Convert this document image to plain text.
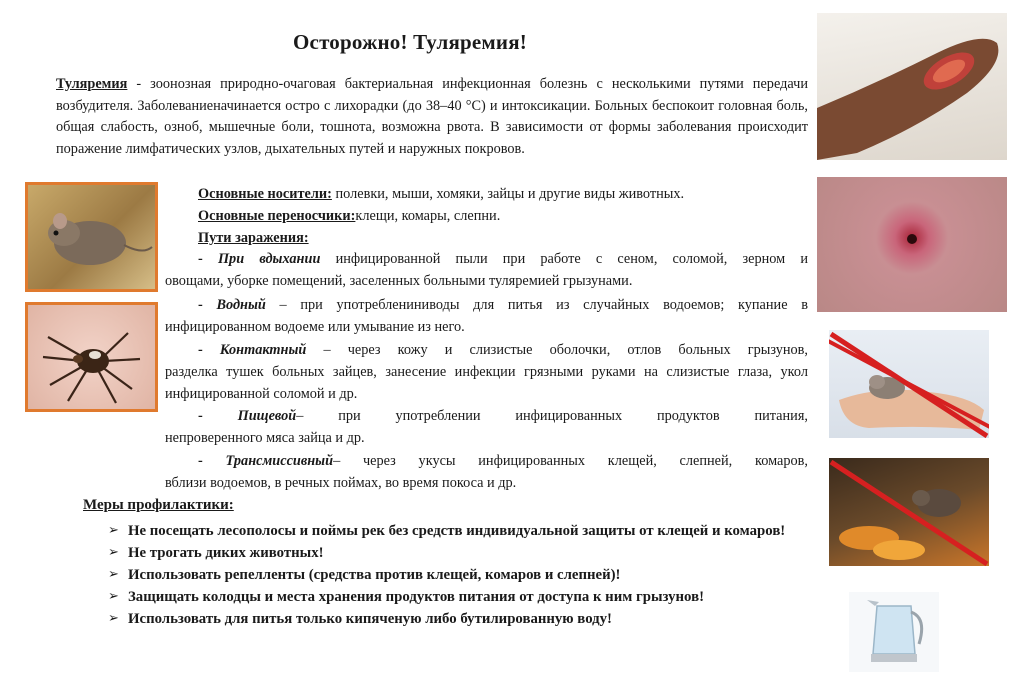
Осторожно! Туляремия!

Туляремия - зоонозная природно-очаговая бактериальная инфекционная болезнь с несколькими путями передачи возбудителя. Заболеваниеначинается остро с лихорадки (до 38–40 °С) и интоксикации. Больных беспокоит головная боль, общая слабость, озноб, мышечные боли, тошнота, возможна рвота. В зависимости от формы заболевания происходит поражение лимфатических узлов, дыхательных путей и наружных покровов.

Основные носители: полевки, мыши, хомяки, зайцы и другие виды животных.
Основные переносчики:клещи, комары, слепни.
Пути заражения:

- При вдыхании инфицированной пыли при работе с сеном, соломой, зерном и

овощами, уборке помещений, заселенных больными туляремией грызунами.

- Водный – при употреблениниводы для питья из случайных водоемов; купание в

инфицированном водоеме или умывание из него.

- Контактный – через кожу и слизистые оболочки, отлов больных грызунов,

разделка тушек больных зайцев, занесение инфекции грязными руками на слизистые глаза, укол инфицированной соломой и др.

- Пищевой– при употреблении инфицированных продуктов питания,

непроверенного мяса зайца и др.

- Трансмиссивный– через укусы инфицированных клещей, слепней, комаров,

вблизи водоемов, в речных поймах, во время покоса и др.

Меры профилактики:
➢ Не посещать лесополосы и поймы рек без средств индивидуальной защиты от клещей и комаров!
➢ Не трогать диких животных!
➢ Использовать репелленты (средства против клещей, комаров и слепней)!
➢ Защищать колодцы и места хранения продуктов питания от доступа к ним грызунов!
➢ Использовать для питья только кипяченую либо бутилированную воду!
